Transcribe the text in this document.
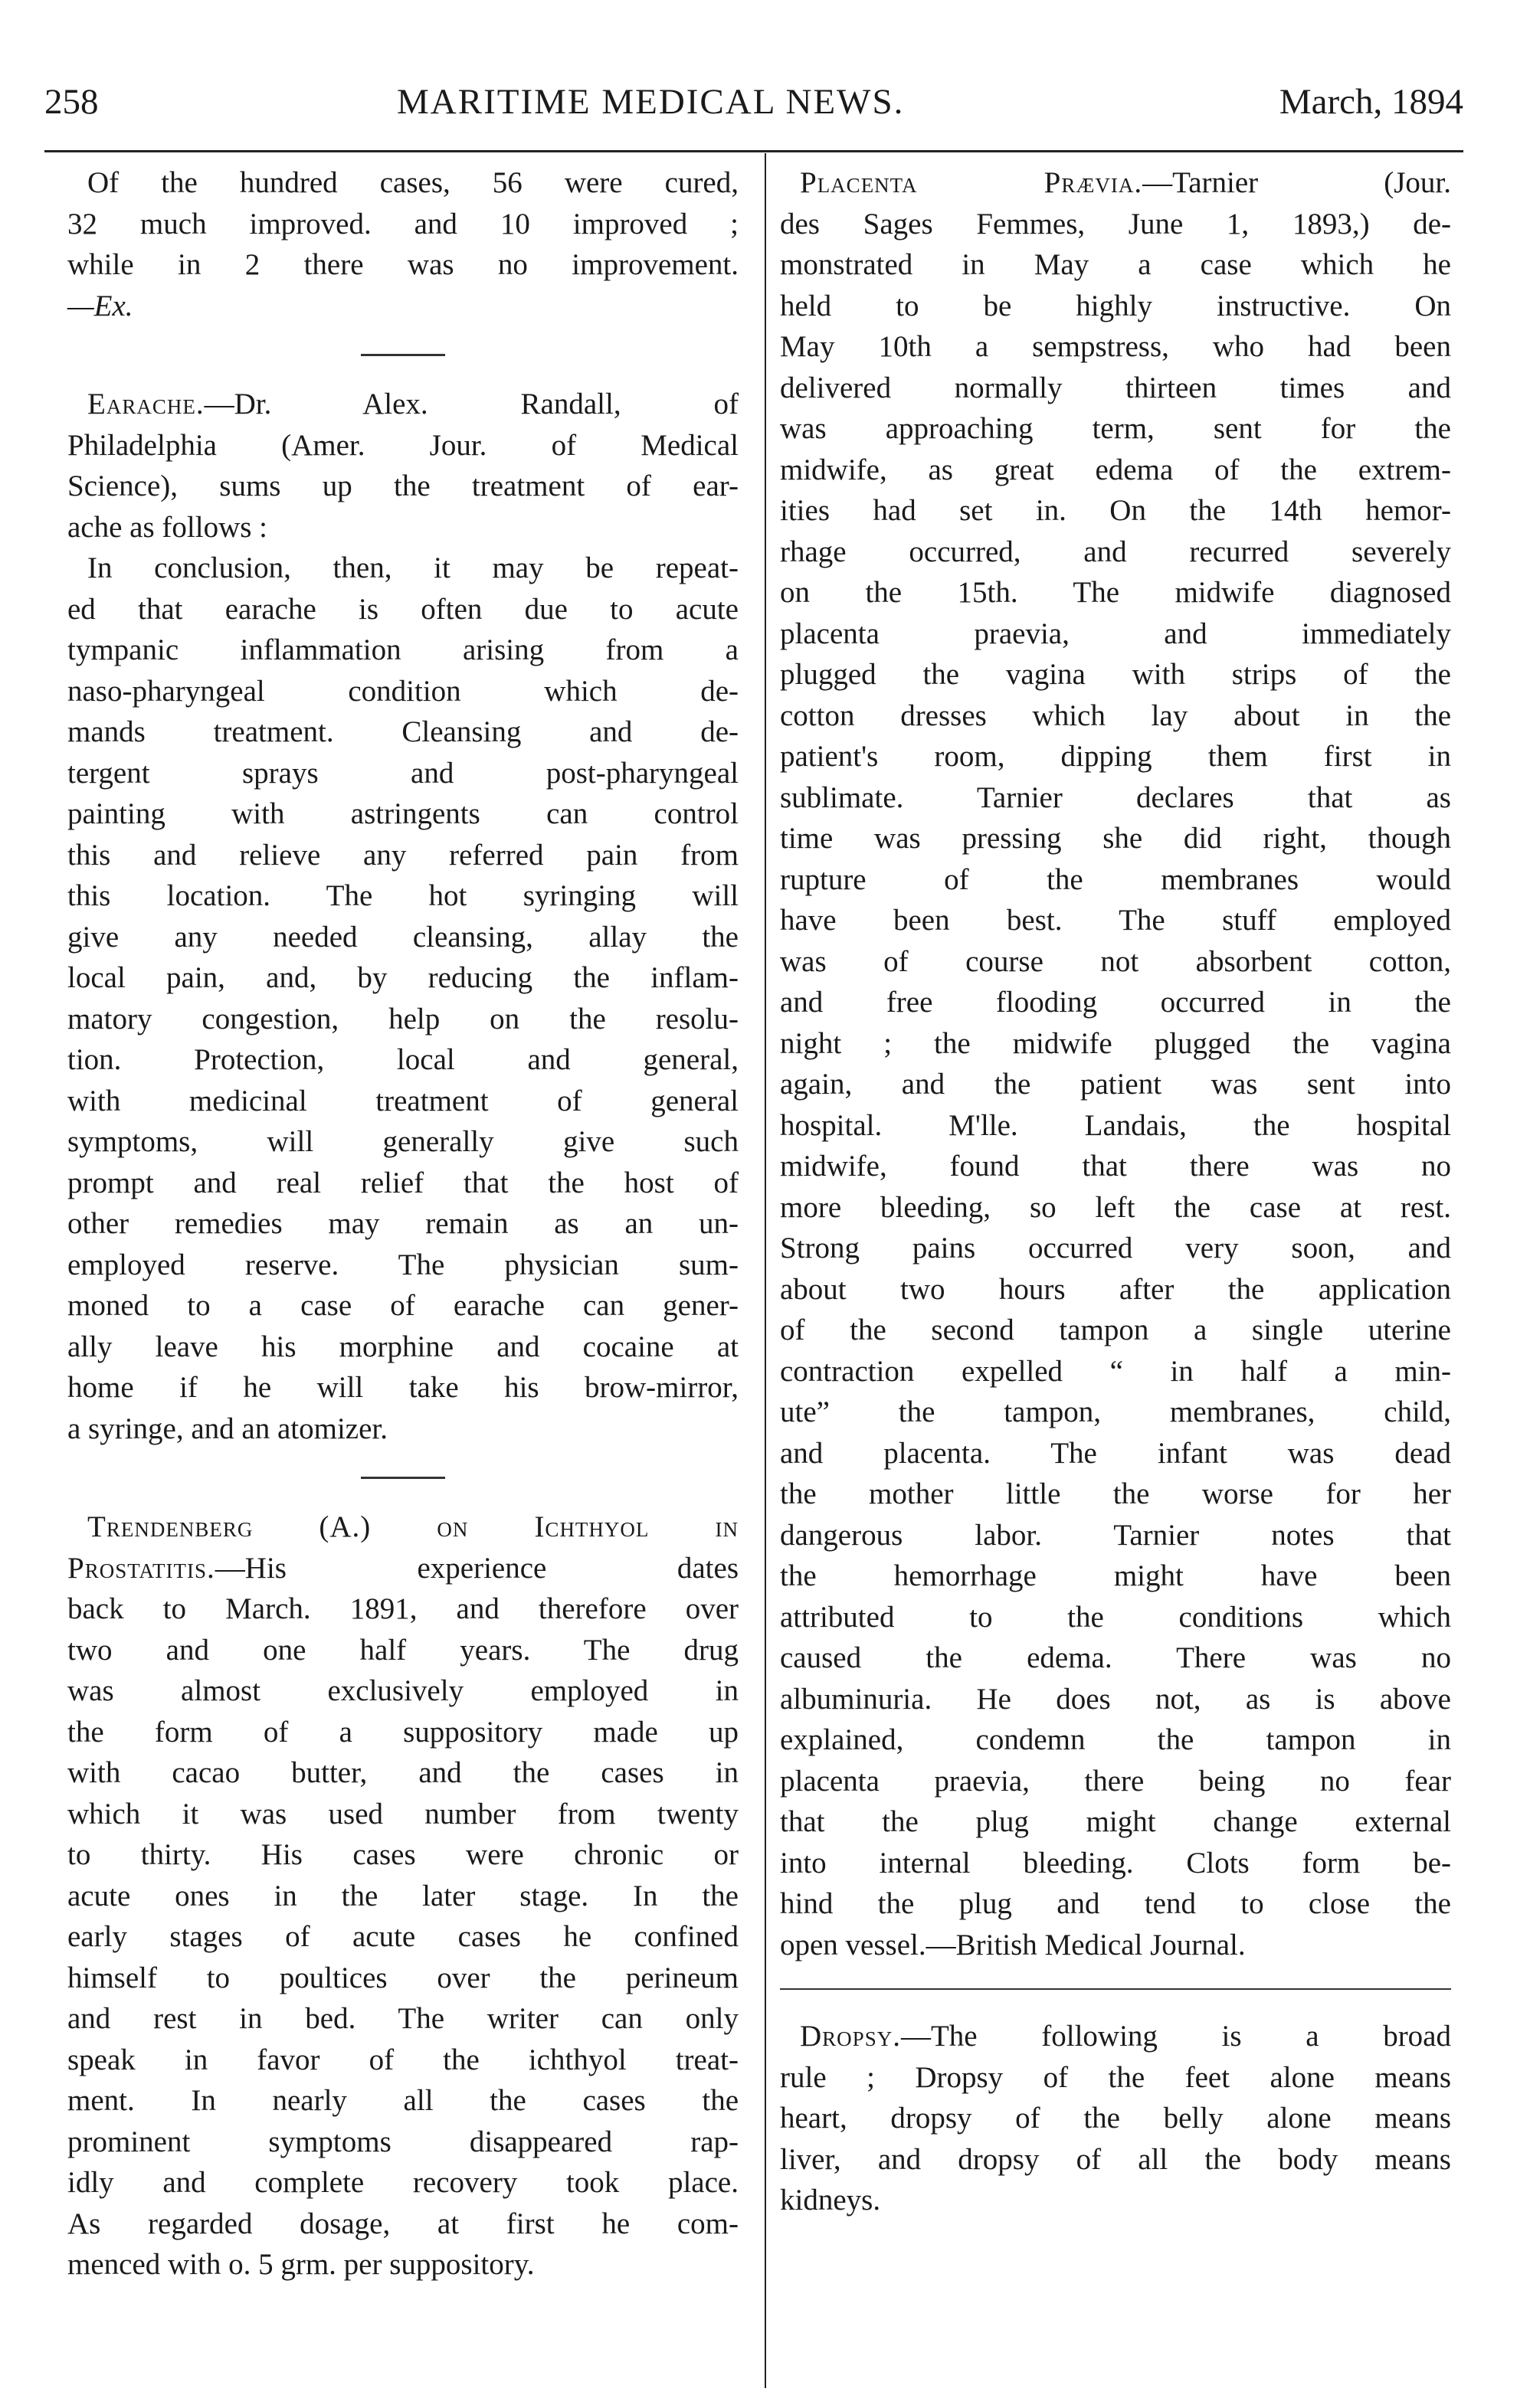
258	MARITIME MEDICAL NEWS.	March, 1894

Of the hundred cases, 56 were cured,

32 much improved. and 10 improved ;

while in 2 there was no improvement.

—Ex.

Earache.—Dr. Alex. Randall, of

Philadelphia (Amer. Jour. of Medical

Science), sums up the treatment of ear-

ache as follows :

In conclusion, then, it may be repeat-

ed that earache is often due to acute

tympanic inflammation arising from a

naso-pharyngeal condition which de-

mands treatment. Cleansing and de-

tergent sprays and post-pharyngeal

painting with astringents can control

this and relieve any referred pain from

this location. The hot syringing will

give any needed cleansing, allay the

local pain, and, by reducing the inflam-

matory congestion, help on the resolu-

tion. Protection, local and general,

with medicinal treatment of general

symptoms, will generally give such

prompt and real relief that the host of

other remedies may remain as an un-

employed reserve. The physician sum-

moned to a case of earache can gener-

ally leave his morphine and cocaine at

home if he will take his brow-mirror,

a syringe, and an atomizer.

Trendenberg (A.) on Ichthyol in

Prostatitis.—His experience dates

back to March. 1891, and therefore over

two and one half years. The drug

was almost exclusively employed in

the form of a suppository made up

with cacao butter, and the cases in

which it was used number from twenty

to thirty. His cases were chronic or

acute ones in the later stage. In the

early stages of acute cases he confined

himself to poultices over the perineum

and rest in bed. The writer can only

speak in favor of the ichthyol treat-

ment. In nearly all the cases the

prominent symptoms disappeared rap-

idly and complete recovery took place.

As regarded dosage, at first he com-

menced with o. 5 grm. per suppository.

Placenta Prævia.—Tarnier (Jour.

des Sages Femmes, June 1, 1893,) de-

monstrated in May a case which he

held to be highly instructive. On

May 10th a sempstress, who had been

delivered normally thirteen times and

was approaching term, sent for the

midwife, as great edema of the extrem-

ities had set in. On the 14th hemor-

rhage occurred, and recurred severely

on the 15th. The midwife diagnosed

placenta praevia, and immediately

plugged the vagina with strips of the

cotton dresses which lay about in the

patient's room, dipping them first in

sublimate. Tarnier declares that as

time was pressing she did right, though

rupture of the membranes would

have been best. The stuff employed

was of course not absorbent cotton,

and free flooding occurred in the

night ; the midwife plugged the vagina

again, and the patient was sent into

hospital. M'lle. Landais, the hospital

midwife, found that there was no

more bleeding, so left the case at rest.

Strong pains occurred very soon, and

about two hours after the application

of the second tampon a single uterine

contraction expelled “ in half a min-

ute” the tampon, membranes, child,

and placenta. The infant was dead

the mother little the worse for her

dangerous labor. Tarnier notes that

the hemorrhage might have been

attributed to the conditions which

caused the edema. There was no

albuminuria. He does not, as is above

explained, condemn the tampon in

placenta praevia, there being no fear

that the plug might change external

into internal bleeding. Clots form be-

hind the plug and tend to close the

open vessel.—British Medical Journal.

Dropsy.—The following is a broad

rule ; Dropsy of the feet alone means

heart, dropsy of the belly alone means

liver, and dropsy of all the body means

kidneys.
